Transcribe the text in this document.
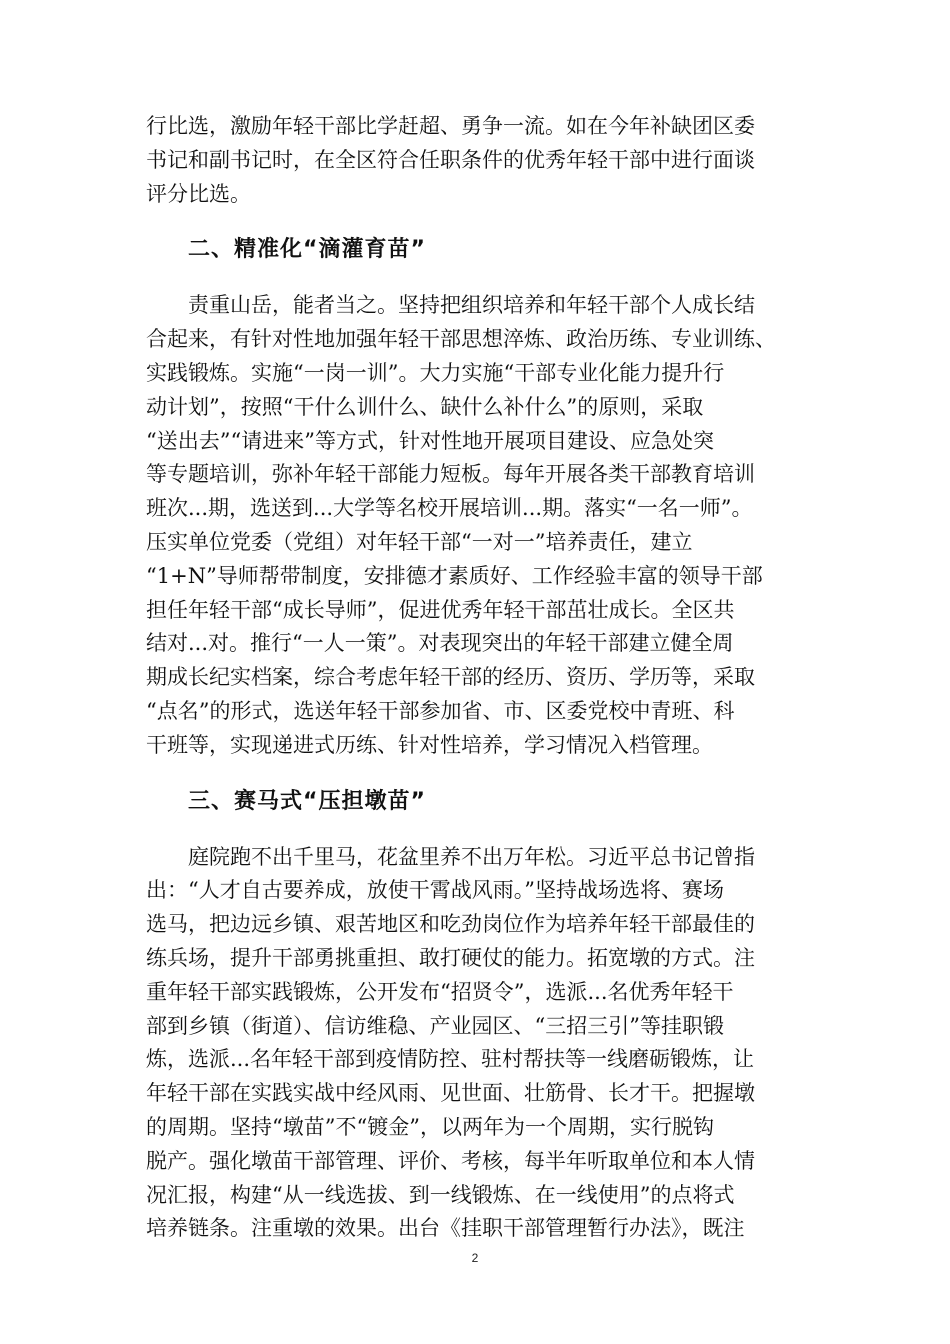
行比选，激励年轻干部比学赶超、勇争一流。如在今年补缺团区委
书记和副书记时，在全区符合任职条件的优秀年轻干部中进行面谈
评分比选。

二、精准化“滴灌育苗”

责重山岳，能者当之。坚持把组织培养和年轻干部个人成长结
合起来，有针对性地加强年轻干部思想淬炼、政治历练、专业训练、
实践锻炼。实施“一岗一训”。大力实施“干部专业化能力提升行
动计划”，按照“干什么训什么、缺什么补什么”的原则，采取
“送出去”“请进来”等方式，针对性地开展项目建设、应急处突
等专题培训，弥补年轻干部能力短板。每年开展各类干部教育培训
班次...期，选送到...大学等名校开展培训...期。落实“一名一师”。
压实单位党委（党组）对年轻干部“一对一”培养责任，建立
“1+N”导师帮带制度，安排德才素质好、工作经验丰富的领导干部
担任年轻干部“成长导师”，促进优秀年轻干部茁壮成长。全区共
结对...对。推行“一人一策”。对表现突出的年轻干部建立健全周
期成长纪实档案，综合考虑年轻干部的经历、资历、学历等，采取
“点名”的形式，选送年轻干部参加省、市、区委党校中青班、科
干班等，实现递进式历练、针对性培养，学习情况入档管理。

三、赛马式“压担墩苗”

庭院跑不出千里马，花盆里养不出万年松。习近平总书记曾指
出：“人才自古要养成，放使干霄战风雨。”坚持战场选将、赛场
选马，把边远乡镇、艰苦地区和吃劲岗位作为培养年轻干部最佳的
练兵场，提升干部勇挑重担、敢打硬仗的能力。拓宽墩的方式。注
重年轻干部实践锻炼，公开发布“招贤令”，选派...名优秀年轻干
部到乡镇（街道）、信访维稳、产业园区、“三招三引”等挂职锻
炼，选派...名年轻干部到疫情防控、驻村帮扶等一线磨砺锻炼，让
年轻干部在实践实战中经风雨、见世面、壮筋骨、长才干。把握墩
的周期。坚持“墩苗”不“镀金”，以两年为一个周期，实行脱钩
脱产。强化墩苗干部管理、评价、考核，每半年听取单位和本人情
况汇报，构建“从一线选拔、到一线锻炼、在一线使用”的点将式
培养链条。注重墩的效果。出台《挂职干部管理暂行办法》，既注

2
